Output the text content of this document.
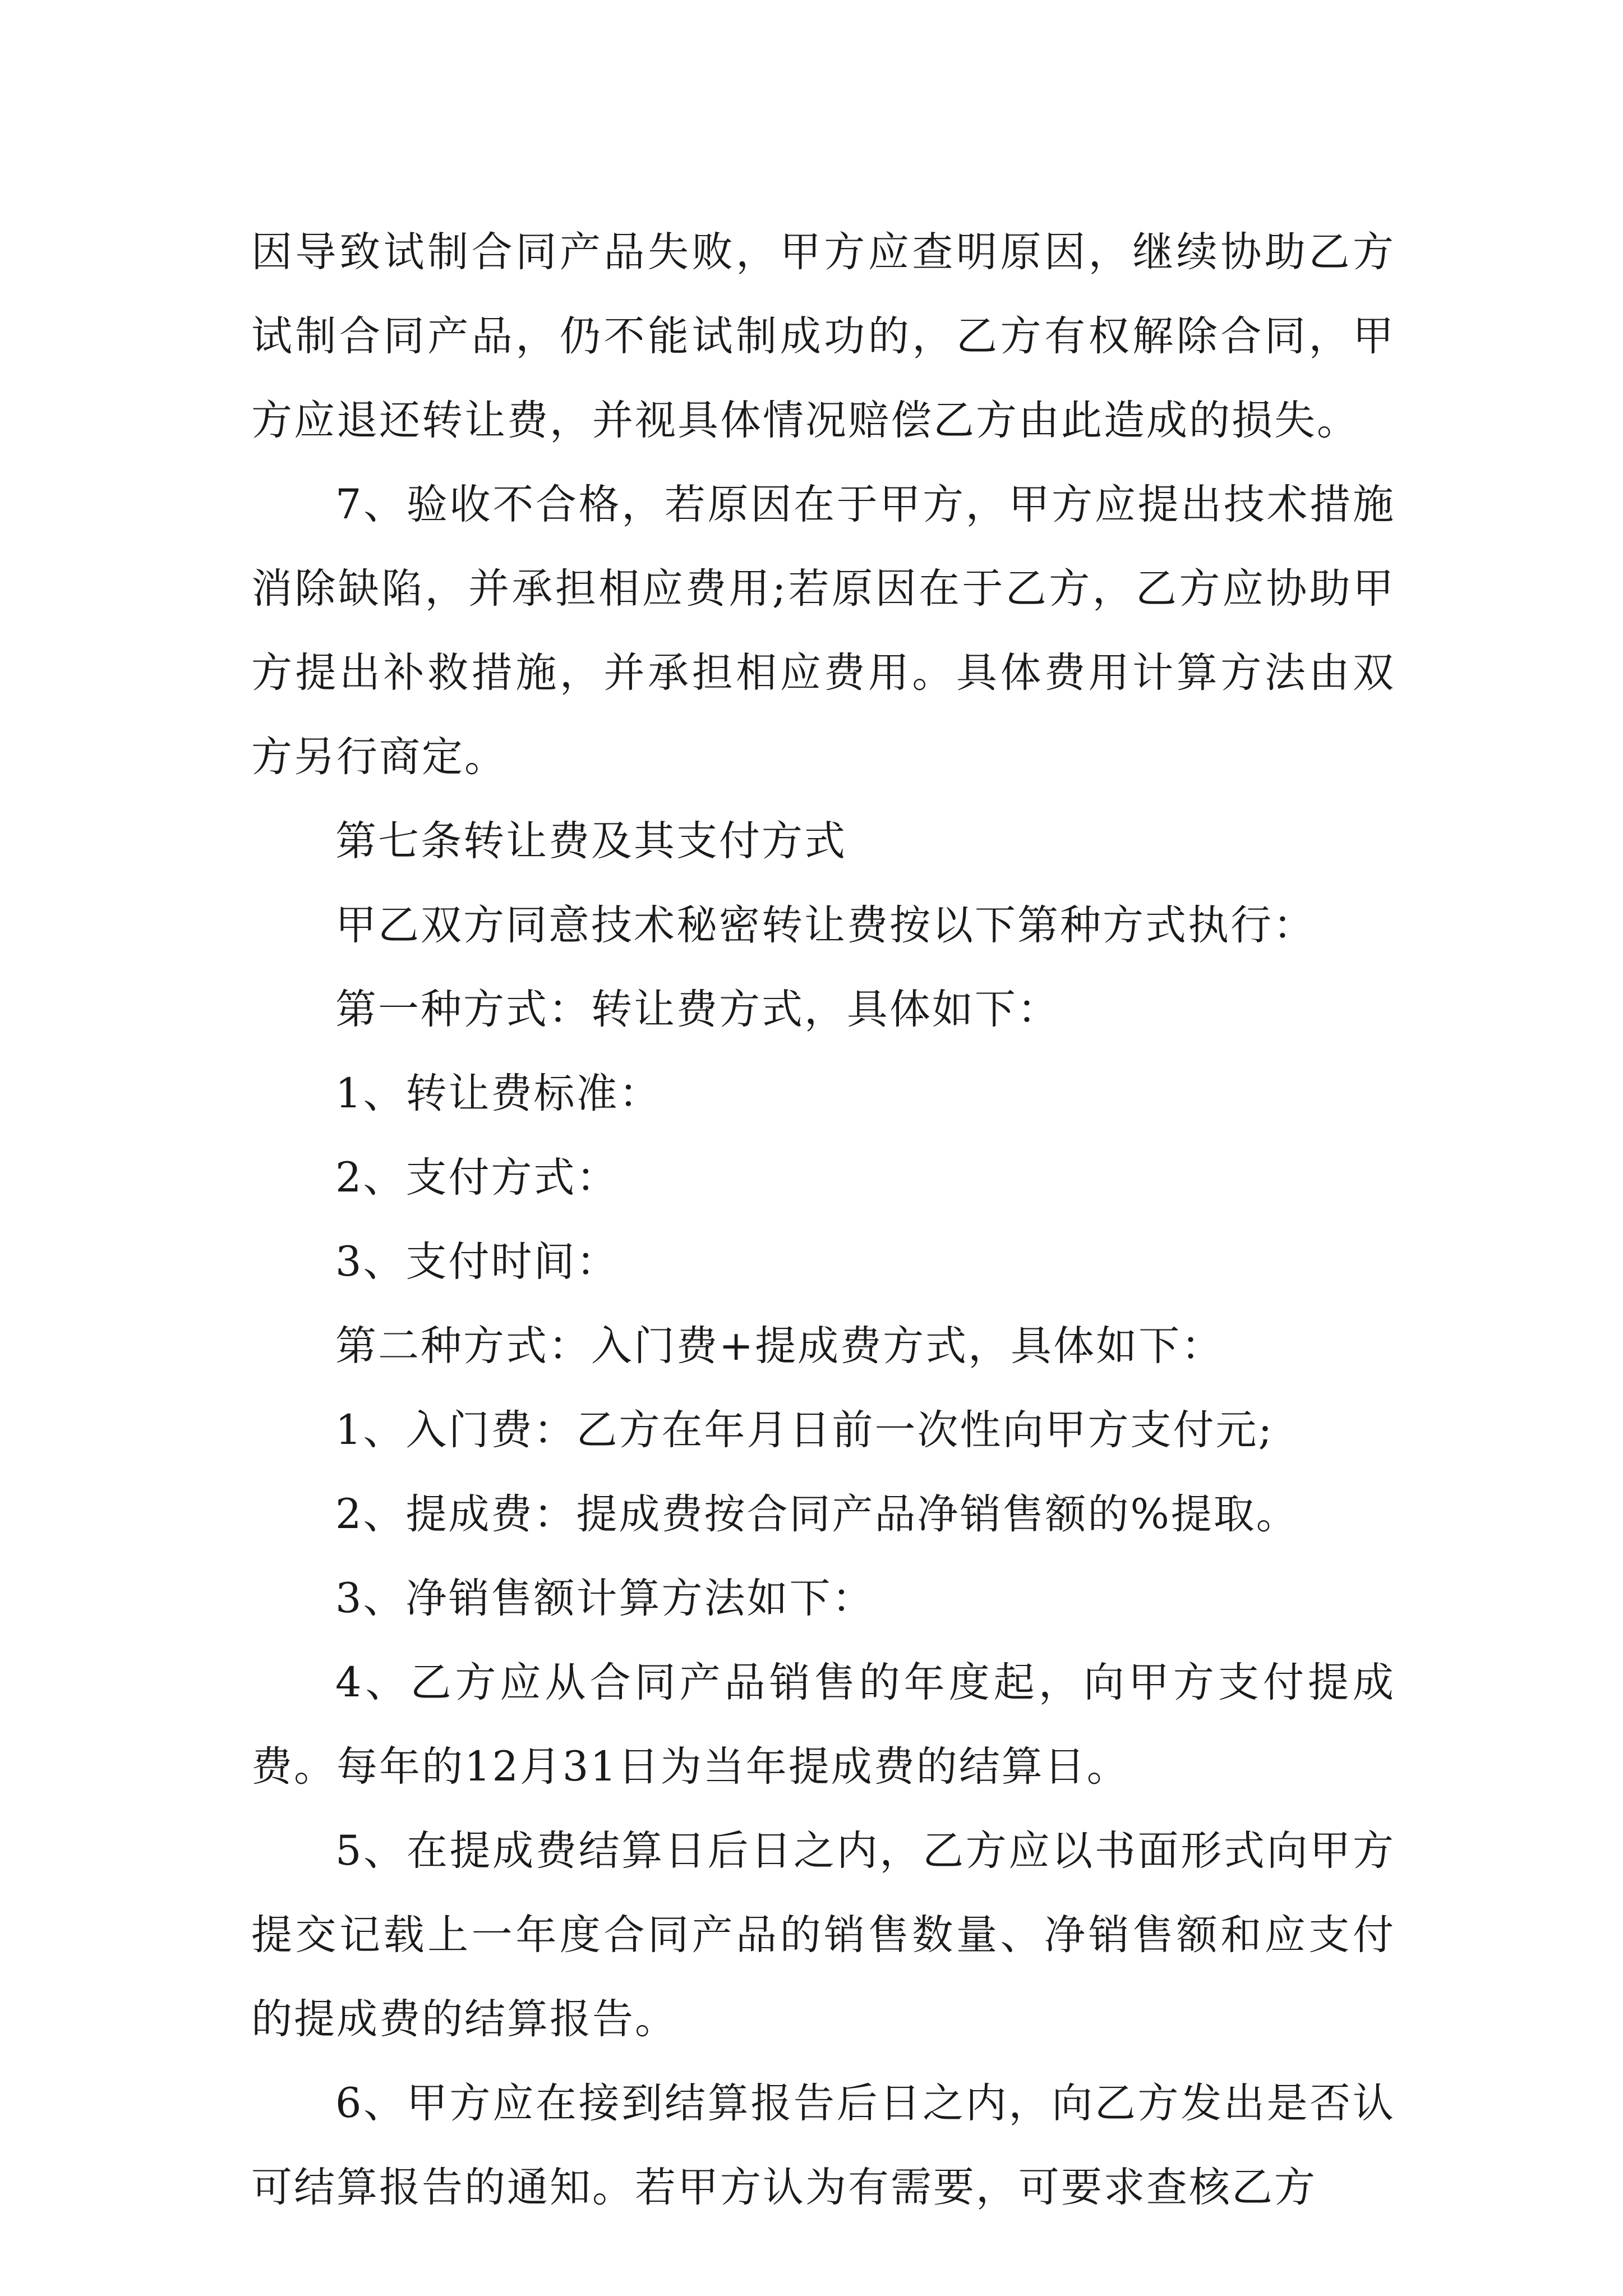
因导致试制合同产品失败，甲方应查明原因，继续协助乙方试制合同产品，仍不能试制成功的，乙方有权解除合同，甲方应退还转让费，并视具体情况赔偿乙方由此造成的损失。

7、验收不合格，若原因在于甲方，甲方应提出技术措施消除缺陷，并承担相应费用;若原因在于乙方，乙方应协助甲方提出补救措施，并承担相应费用。具体费用计算方法由双方另行商定。

第七条转让费及其支付方式

甲乙双方同意技术秘密转让费按以下第种方式执行：

第一种方式：转让费方式，具体如下：

1、转让费标准：

2、支付方式：

3、支付时间：

第二种方式：入门费+提成费方式，具体如下：

1、入门费：乙方在年月日前一次性向甲方支付元;

2、提成费：提成费按合同产品净销售额的%提取。

3、净销售额计算方法如下：

4、乙方应从合同产品销售的年度起，向甲方支付提成费。每年的12月31日为当年提成费的结算日。

5、在提成费结算日后日之内，乙方应以书面形式向甲方提交记载上一年度合同产品的销售数量、净销售额和应支付的提成费的结算报告。

6、甲方应在接到结算报告后日之内，向乙方发出是否认可结算报告的通知。若甲方认为有需要，可要求查核乙方
